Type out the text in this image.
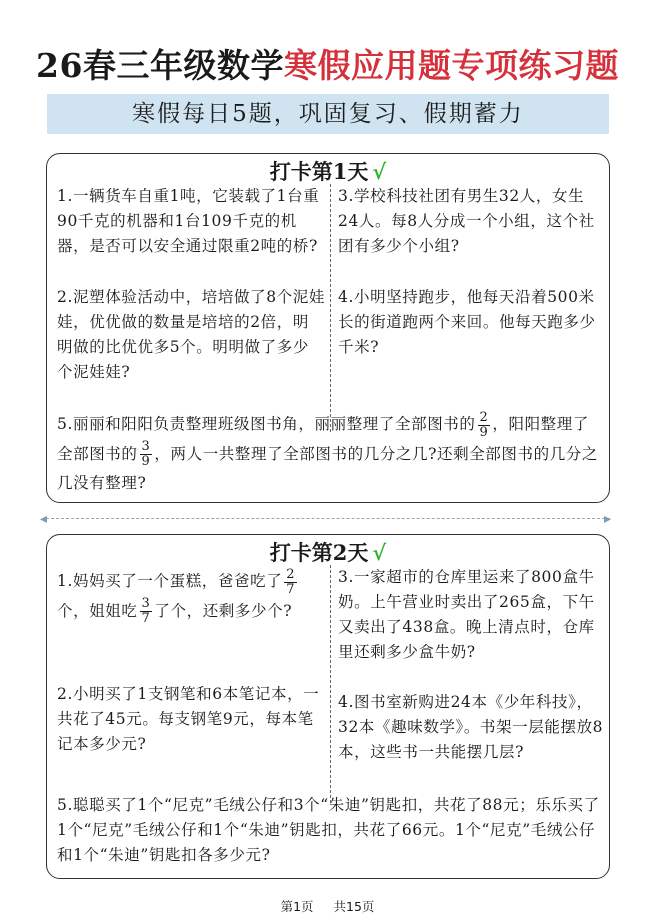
26春三年级数学寒假应用题专项练习题
寒假每日5题，巩固复习、假期蓄力
打卡第1天 √
1.一辆货车自重1吨，它装载了1台重90千克的机器和1台109千克的机器，是否可以安全通过限重2吨的桥?
3.学校科技社团有男生32人，女生24人。每8人分成一个小组，这个社团有多少个小组?
2.泥塑体验活动中，培培做了8个泥娃娃，优优做的数量是培培的2倍，明明做的比优优多5个。明明做了多少个泥娃娃?
4.小明坚持跑步，他每天沿着500米长的街道跑两个来回。他每天跑多少千米?
5.丽丽和阳阳负责整理班级图书角，丽丽整理了全部图书的 $\frac{2}{9}$ ，阳阳整理了全部图书的 $\frac{3}{9}$ ，两人一共整理了全部图书的几分之几?还剩全部图书的几分之几没有整理?
◂	▸
打卡第2天 √
1.妈妈买了一个蛋糕，爸爸吃了 $\frac{2}{7}$
个，姐姐吃 $\frac{3}{7}$ 了个，还剩多少个?
3.一家超市的仓库里运来了800盒牛奶。上午营业时卖出了265盒，下午又卖出了438盒。晚上清点时，仓库里还剩多少盒牛奶?
2.小明买了1支钢笔和6本笔记本，一共花了45元。每支钢笔9元，每本笔记本多少元?
4.图书室新购进24本《少年科技》，32本《趣味数学》。书架一层能摆放8本，这些书一共能摆几层?
5.聪聪买了1个“尼克”毛绒公仔和3个“朱迪”钥匙扣，共花了88元；乐乐买了1个“尼克”毛绒公仔和1个“朱迪”钥匙扣，共花了66元。1个“尼克”毛绒公仔和1个“朱迪”钥匙扣各多少元?
第1页 共15页
